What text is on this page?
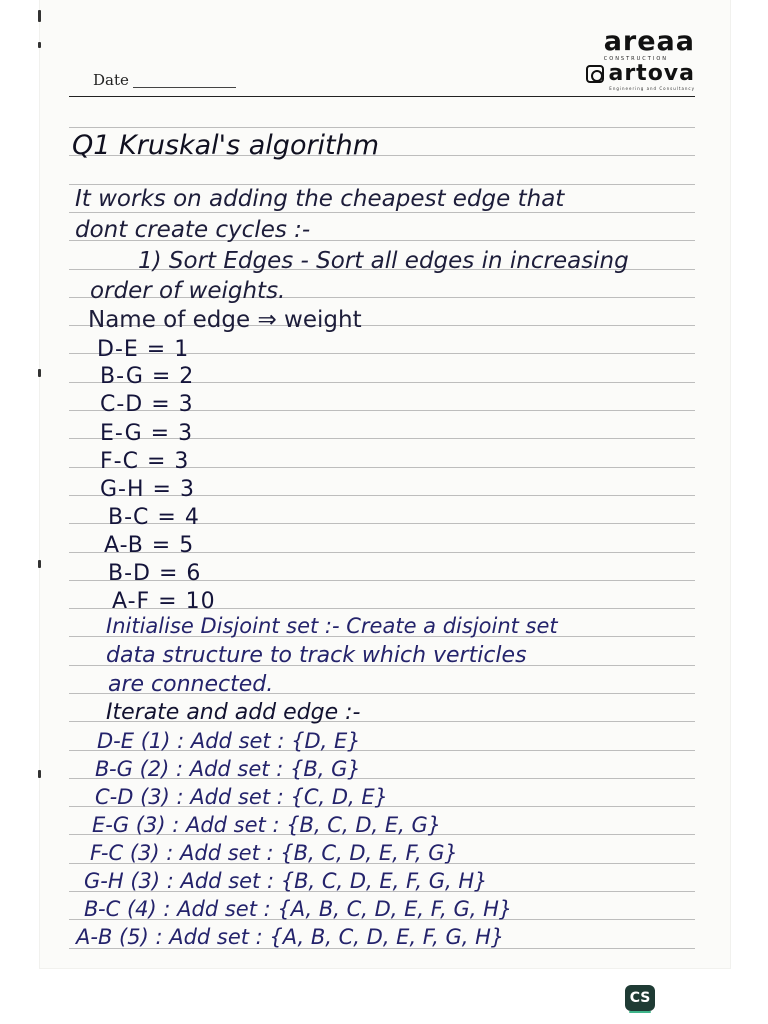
areaa
CONSTRUCTION
artova
Engineering and Consultancy
Date
Q1 Kruskal's algorithm
It works on adding the cheapest edge that
dont create cycles :-
1) Sort Edges - Sort all edges in increasing
order of weights.
Name of edge ⇒ weight
D-E = 1
B-G = 2
C-D = 3
E-G = 3
F-C = 3
G-H = 3
B-C = 4
A-B = 5
B-D = 6
A-F = 10
Initialise Disjoint set :- Create a disjoint set
data structure to track which verticles
are connected.
Iterate and add edge :-
D-E (1) : Add set : {D, E}
B-G (2) : Add set : {B, G}
C-D (3) : Add set : {C, D, E}
E-G (3) : Add set : {B, C, D, E, G}
F-C (3) : Add set : {B, C, D, E, F, G}
G-H (3) : Add set : {B, C, D, E, F, G, H}
B-C (4) : Add set : {A, B, C, D, E, F, G, H}
A-B (5) : Add set : {A, B, C, D, E, F, G, H}
CS
